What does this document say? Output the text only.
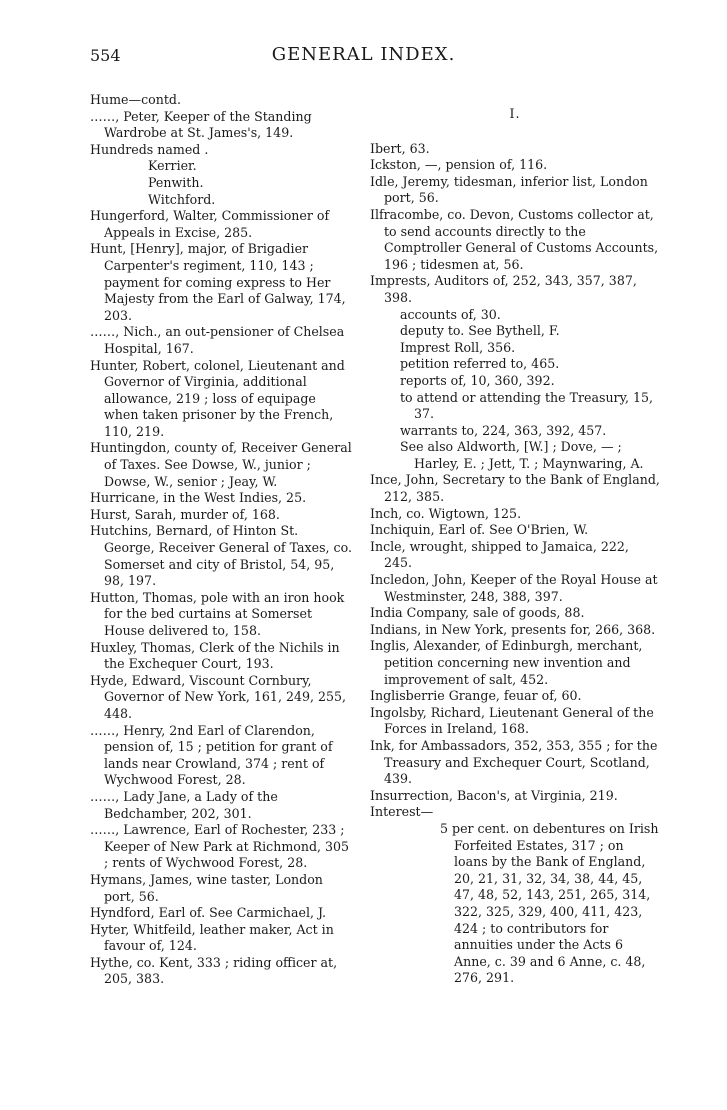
554	GENERAL INDEX.

Hume—contd.

……, Peter, Keeper of the Standing Wardrobe at St. James's, 149.

Hundreds named .

Kerrier.

Penwith.

Witchford.

Hungerford, Walter, Commissioner of Appeals in Excise, 285.

Hunt, [Henry], major, of Brigadier Carpenter's regiment, 110, 143 ; payment for coming express to Her Majesty from the Earl of Galway, 174, 203.

……, Nich., an out-pensioner of Chelsea Hospital, 167.

Hunter, Robert, colonel, Lieutenant and Governor of Virginia, additional allowance, 219 ; loss of equipage when taken prisoner by the French, 110, 219.

Huntingdon, county of, Receiver General of Taxes. See Dowse, W., junior ; Dowse, W., senior ; Jeay, W.

Hurricane, in the West Indies, 25.

Hurst, Sarah, murder of, 168.

Hutchins, Bernard, of Hinton St. George, Receiver General of Taxes, co. Somerset and city of Bristol, 54, 95, 98, 197.

Hutton, Thomas, pole with an iron hook for the bed curtains at Somerset House delivered to, 158.

Huxley, Thomas, Clerk of the Nichils in the Exchequer Court, 193.

Hyde, Edward, Viscount Cornbury, Governor of New York, 161, 249, 255, 448.

……, Henry, 2nd Earl of Clarendon, pension of, 15 ; petition for grant of lands near Crowland, 374 ; rent of Wychwood Forest, 28.

……, Lady Jane, a Lady of the Bedchamber, 202, 301.

……, Lawrence, Earl of Rochester, 233 ; Keeper of New Park at Richmond, 305 ; rents of Wychwood Forest, 28.

Hymans, James, wine taster, London port, 56.

Hyndford, Earl of. See Carmichael, J.

Hyter, Whitfeild, leather maker, Act in favour of, 124.

Hythe, co. Kent, 333 ; riding officer at, 205, 383.

I.

Ibert, 63.

Ickston, —, pension of, 116.

Idle, Jeremy, tidesman, inferior list, London port, 56.

Ilfracombe, co. Devon, Customs collector at, to send accounts directly to the Comptroller General of Customs Accounts, 196 ; tidesmen at, 56.

Imprests, Auditors of, 252, 343, 357, 387, 398.

accounts of, 30.

deputy to. See Bythell, F.

Imprest Roll, 356.

petition referred to, 465.

reports of, 10, 360, 392.

to attend or attending the Treasury, 15, 37.

warrants to, 224, 363, 392, 457.

See also Aldworth, [W.] ; Dove, — ; Harley, E. ; Jett, T. ; Maynwaring, A.

Ince, John, Secretary to the Bank of England, 212, 385.

Inch, co. Wigtown, 125.

Inchiquin, Earl of. See O'Brien, W.

Incle, wrought, shipped to Jamaica, 222, 245.

Incledon, John, Keeper of the Royal House at Westminster, 248, 388, 397.

India Company, sale of goods, 88.

Indians, in New York, presents for, 266, 368.

Inglis, Alexander, of Edinburgh, merchant, petition concerning new invention and improvement of salt, 452.

Inglisberrie Grange, feuar of, 60.

Ingolsby, Richard, Lieutenant General of the Forces in Ireland, 168.

Ink, for Ambassadors, 352, 353, 355 ; for the Treasury and Exchequer Court, Scotland, 439.

Insurrection, Bacon's, at Virginia, 219.

Interest—

5 per cent. on debentures on Irish Forfeited Estates, 317 ; on loans by the Bank of England, 20, 21, 31, 32, 34, 38, 44, 45, 47, 48, 52, 143, 251, 265, 314, 322, 325, 329, 400, 411, 423, 424 ; to contributors for annuities under the Acts 6 Anne, c. 39 and 6 Anne, c. 48, 276, 291.
